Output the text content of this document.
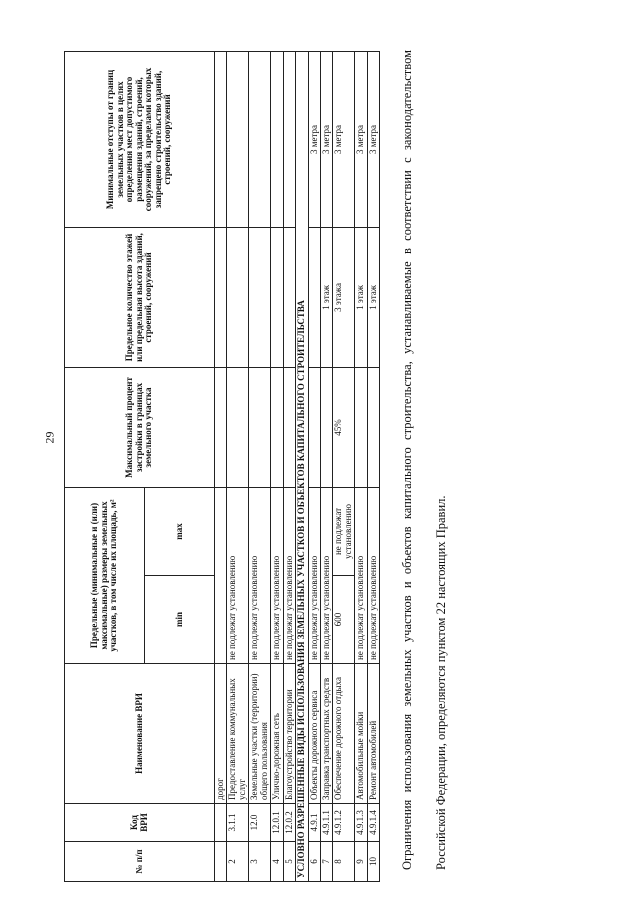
29
№ п/п	Код ВРИ	Наименование ВРИ	Предельные (минимальные и (или) максимальные) размеры земельных участков, в том числе их площадь, м²		Максимальный процент застройки в границах земельного участка	Предельное количество этажей или предельная высота зданий, строений, сооружений	Минимальные отступы от границ земельных участков в целях определения мест допустимого размещения зданий, строений, сооружений, за пределами которых запрещено строительство зданий, строений, сооружений
			min	max			
		дорог					
2	3.1.1	Предоставление коммунальных услуг	не подлежат установлению				
3	12.0	Земельные участки (территории) общего пользования	не подлежат установлению				
4	12.0.1	Улично-дорожная сеть	не подлежат установлению				
5	12.0.2	Благоустройство территории	не подлежат установлению				
УСЛОВНО РАЗРЕШЕННЫЕ ВИДЫ ИСПОЛЬЗОВАНИЯ ЗЕМЕЛЬНЫХ УЧАСТКОВ И ОБЪЕКТОВ КАПИТАЛЬНОГО СТРОИТЕЛЬСТВА							
6	4.9.1	Объекты дорожного сервиса	не подлежат установлению				3 метра
7	4.9.1.1	Заправка транспортных средств	не подлежат установлению			1 этаж	3 метра
8	4.9.1.2	Обеспечение дорожного отдыха	600	не подлежат установлению	45%	3 этажа	3 метра
9	4.9.1.3	Автомобильные мойки	не подлежат установлению			1 этаж	3 метра
10	4.9.1.4	Ремонт автомобилей	не подлежат установлению			1 этаж	3 метра	Ограничения использования земельных участков и объектов капитального строительства, устанавливаемые в соответствии с законодательством Российской Федерации, определяются пунктом 22 настоящих Правил.
